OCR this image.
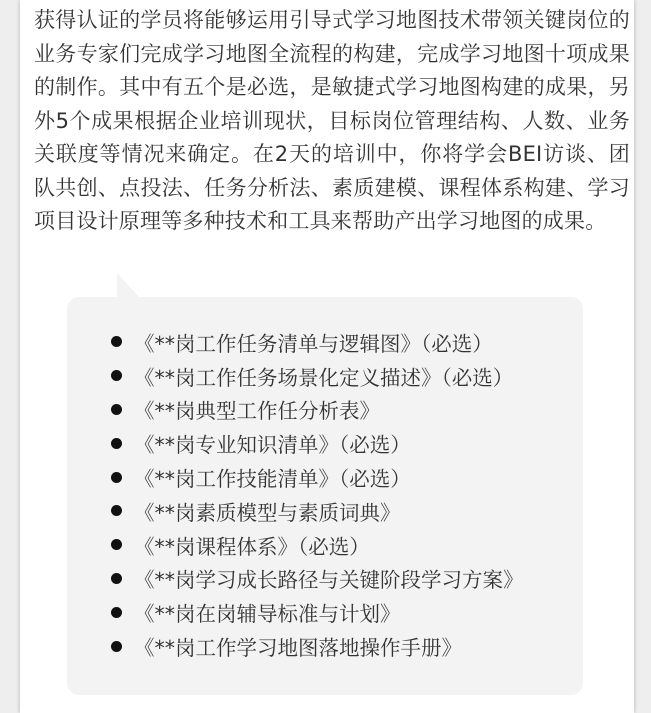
获得认证的学员将能够运用引导式学习地图技术带领关键岗位的业务专家们完成学习地图全流程的构建，完成学习地图十项成果的制作。其中有五个是必选，是敏捷式学习地图构建的成果，另外5个成果根据企业培训现状，目标岗位管理结构、人数、业务关联度等情况来确定。在2天的培训中，你将学会BEI访谈、团队共创、点投法、任务分析法、素质建模、课程体系构建、学习项目设计原理等多种技术和工具来帮助产出学习地图的成果。

《**岗工作任务清单与逻辑图》（必选）
《**岗工作任务场景化定义描述》（必选）
《**岗典型工作任分析表》
《**岗专业知识清单》（必选）
《**岗工作技能清单》（必选）
《**岗素质模型与素质词典》
《**岗课程体系》（必选）
《**岗学习成长路径与关键阶段学习方案》
《**岗在岗辅导标准与计划》
《**岗工作学习地图落地操作手册》
